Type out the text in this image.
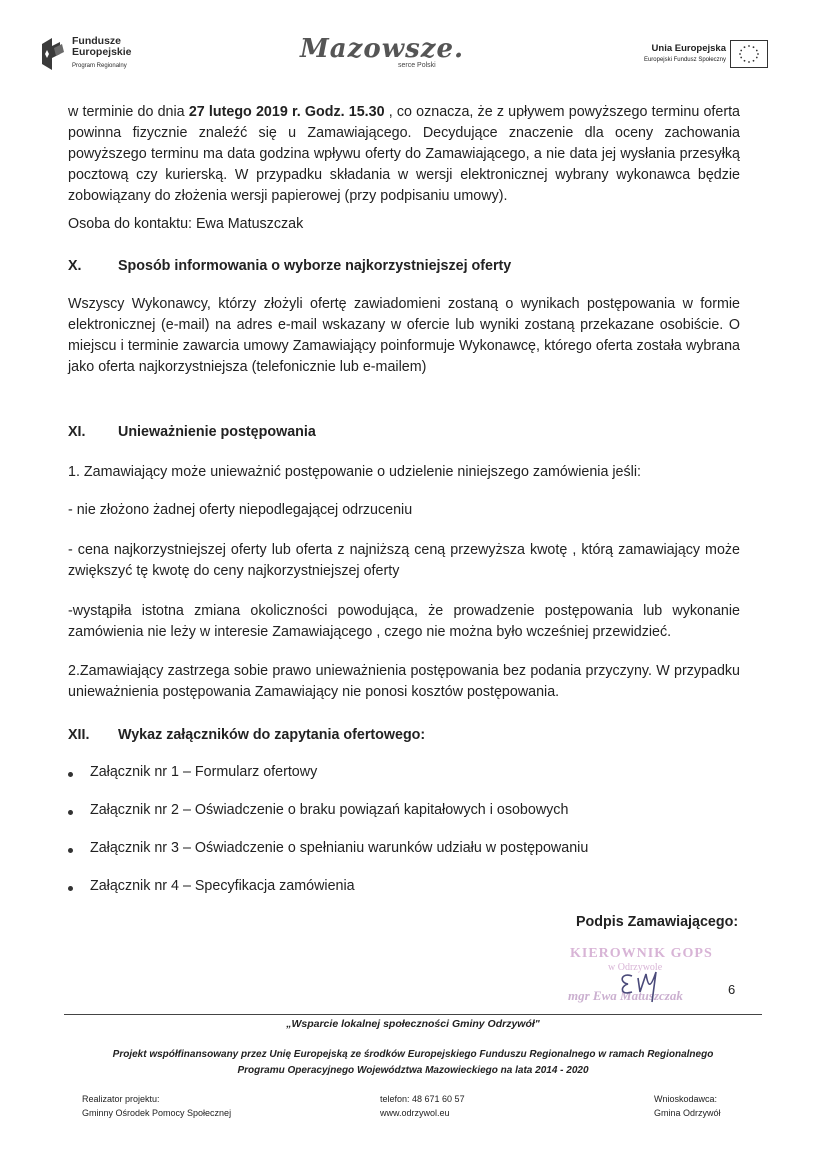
Fundusze
Europejskie
Program Regionalny
Mazowsze.
serce Polski
Unia Europejska
Europejski Fundusz Społeczny
w terminie do dnia 27 lutego 2019 r. Godz. 15.30 , co oznacza, że z upływem powyższego terminu oferta powinna fizycznie znaleźć się u Zamawiającego. Decydujące znaczenie dla oceny zachowania powyższego terminu ma data godzina wpływu oferty do Zamawiającego, a nie data jej wysłania przesyłką pocztową czy kurierską. W przypadku składania w wersji elektronicznej wybrany wykonawca będzie zobowiązany do złożenia wersji papierowej (przy podpisaniu umowy).
Osoba do kontaktu: Ewa Matuszczak
X.	Sposób informowania o wyborze najkorzystniejszej oferty
Wszyscy Wykonawcy, którzy złożyli ofertę zawiadomieni zostaną o wynikach postępowania w formie elektronicznej (e-mail) na adres e-mail wskazany w ofercie lub wyniki zostaną przekazane osobiście. O miejscu i terminie zawarcia umowy Zamawiający poinformuje Wykonawcę, którego oferta została wybrana jako oferta najkorzystniejsza (telefonicznie lub e-mailem)
XI. Unieważnienie postępowania
1. Zamawiający może unieważnić postępowanie o udzielenie niniejszego zamówienia jeśli:
- nie złożono żadnej oferty niepodlegającej odrzuceniu
- cena najkorzystniejszej oferty lub oferta z najniższą ceną przewyższa kwotę , którą zamawiający może zwiększyć tę kwotę do ceny najkorzystniejszej oferty
-wystąpiła istotna zmiana okoliczności powodująca, że prowadzenie postępowania lub wykonanie zamówienia nie leży w interesie Zamawiającego , czego nie można było wcześniej przewidzieć.
2.Zamawiający zastrzega sobie prawo unieważnienia postępowania bez podania przyczyny. W przypadku unieważnienia postępowania Zamawiający nie ponosi kosztów postępowania.
XII. Wykaz załączników do zapytania ofertowego:
Załącznik nr 1 – Formularz ofertowy
Załącznik nr 2 – Oświadczenie o braku powiązań kapitałowych i osobowych
Załącznik nr 3 – Oświadczenie o spełnianiu warunków udziału w postępowaniu
Załącznik nr 4 – Specyfikacja zamówienia
Podpis Zamawiającego:
KIEROWNIK GOPS
w Odrzywole
mgr Ewa Matuszczak	6
„Wsparcie lokalnej społeczności Gminy Odrzywół"
Projekt współfinansowany przez Unię Europejską ze środków Europejskiego Funduszu Regionalnego w ramach Regionalnego
Programu Operacyjnego Województwa Mazowieckiego na lata 2014 - 2020
Realizator projektu:
Gminny Ośrodek Pomocy Społecznej
telefon: 48 671 60 57
www.odrzywol.eu
Wnioskodawca:
Gmina Odrzywół
